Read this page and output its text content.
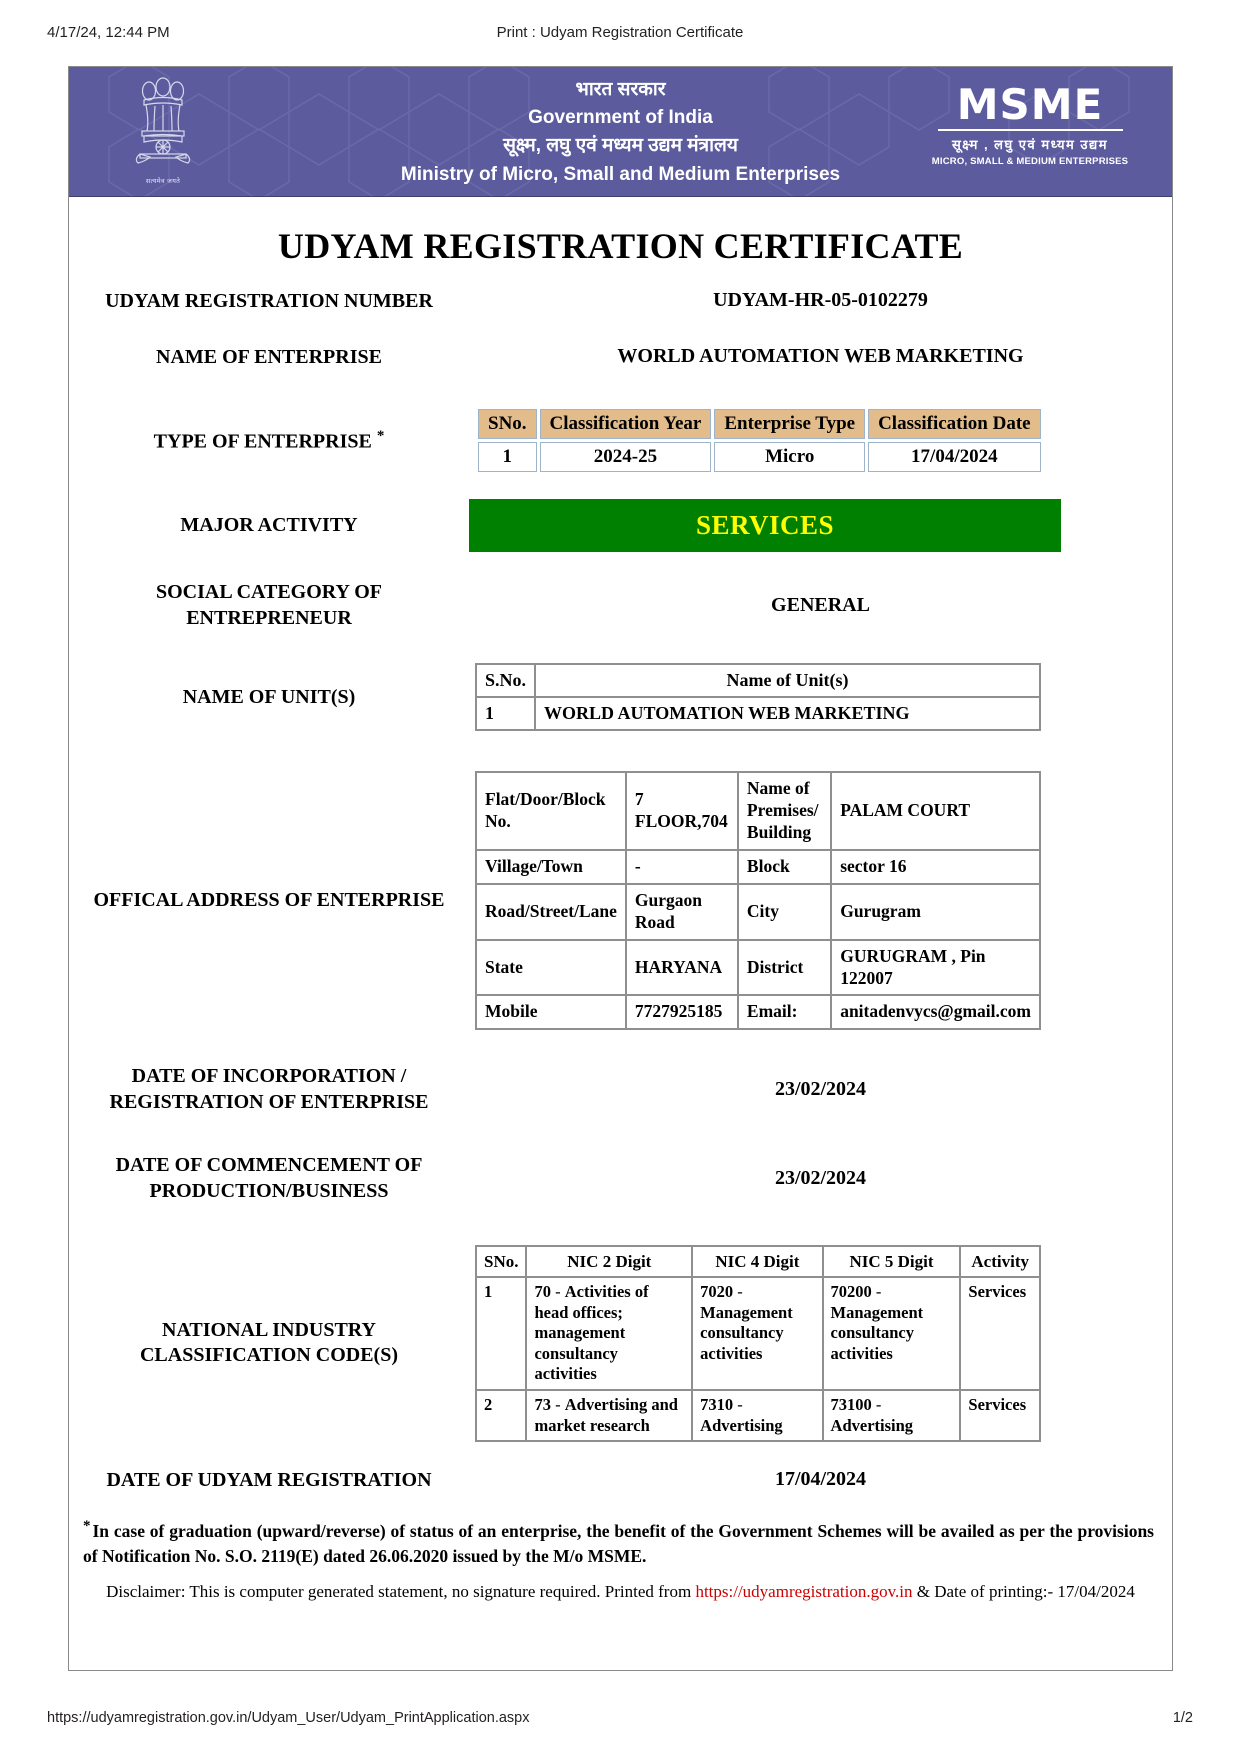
4/17/24, 12:44 PM	Print : Udyam Registration Certificate
सत्यमेव जयते
भारत सरकार
Government of India
सूक्ष्म, लघु एवं मध्यम उद्यम मंत्रालय
Ministry of Micro, Small and Medium Enterprises
MSME
सूक्ष्म , लघु एवं मध्यम उद्यम
MICRO, SMALL & MEDIUM ENTERPRISES
UDYAM REGISTRATION CERTIFICATE
UDYAM REGISTRATION NUMBER	UDYAM-HR-05-0102279
NAME OF ENTERPRISE	WORLD AUTOMATION WEB MARKETING
TYPE OF ENTERPRISE *
SNo.	Classification Year	Enterprise Type	Classification Date
1	2024-25	Micro	17/04/2024
MAJOR ACTIVITY	SERVICES
SOCIAL CATEGORY OF
ENTREPRENEUR
GENERAL
NAME OF UNIT(S)
S.No.	Name of Unit(s)
1	WORLD AUTOMATION WEB MARKETING
OFFICAL ADDRESS OF ENTERPRISE
Flat/Door/Block No.	7 FLOOR,704	Name of Premises/ Building	PALAM COURT
Village/Town	-	Block	sector 16
Road/Street/Lane	Gurgaon Road	City	Gurugram
State	HARYANA	District	GURUGRAM , Pin 122007
Mobile	7727925185	Email:	anitadenvycs@gmail.com
DATE OF INCORPORATION /
REGISTRATION OF ENTERPRISE
23/02/2024
DATE OF COMMENCEMENT OF
PRODUCTION/BUSINESS
23/02/2024
NATIONAL INDUSTRY
CLASSIFICATION CODE(S)
SNo.	NIC 2 Digit	NIC 4 Digit	NIC 5 Digit	Activity
1	70 - Activities of head offices; management consultancy activities	7020 - Management consultancy activities	70200 - Management consultancy activities	Services
2	73 - Advertising and market research	7310 - Advertising	73100 - Advertising	Services
DATE OF UDYAM REGISTRATION	17/04/2024
* In case of graduation (upward/reverse) of status of an enterprise, the benefit of the Government Schemes will be availed as per the provisions of Notification No. S.O. 2119(E) dated 26.06.2020 issued by the M/o MSME.
Disclaimer: This is computer generated statement, no signature required. Printed from https://udyamregistration.gov.in & Date of printing:- 17/04/2024
https://udyamregistration.gov.in/Udyam_User/Udyam_PrintApplication.aspx	1/2
